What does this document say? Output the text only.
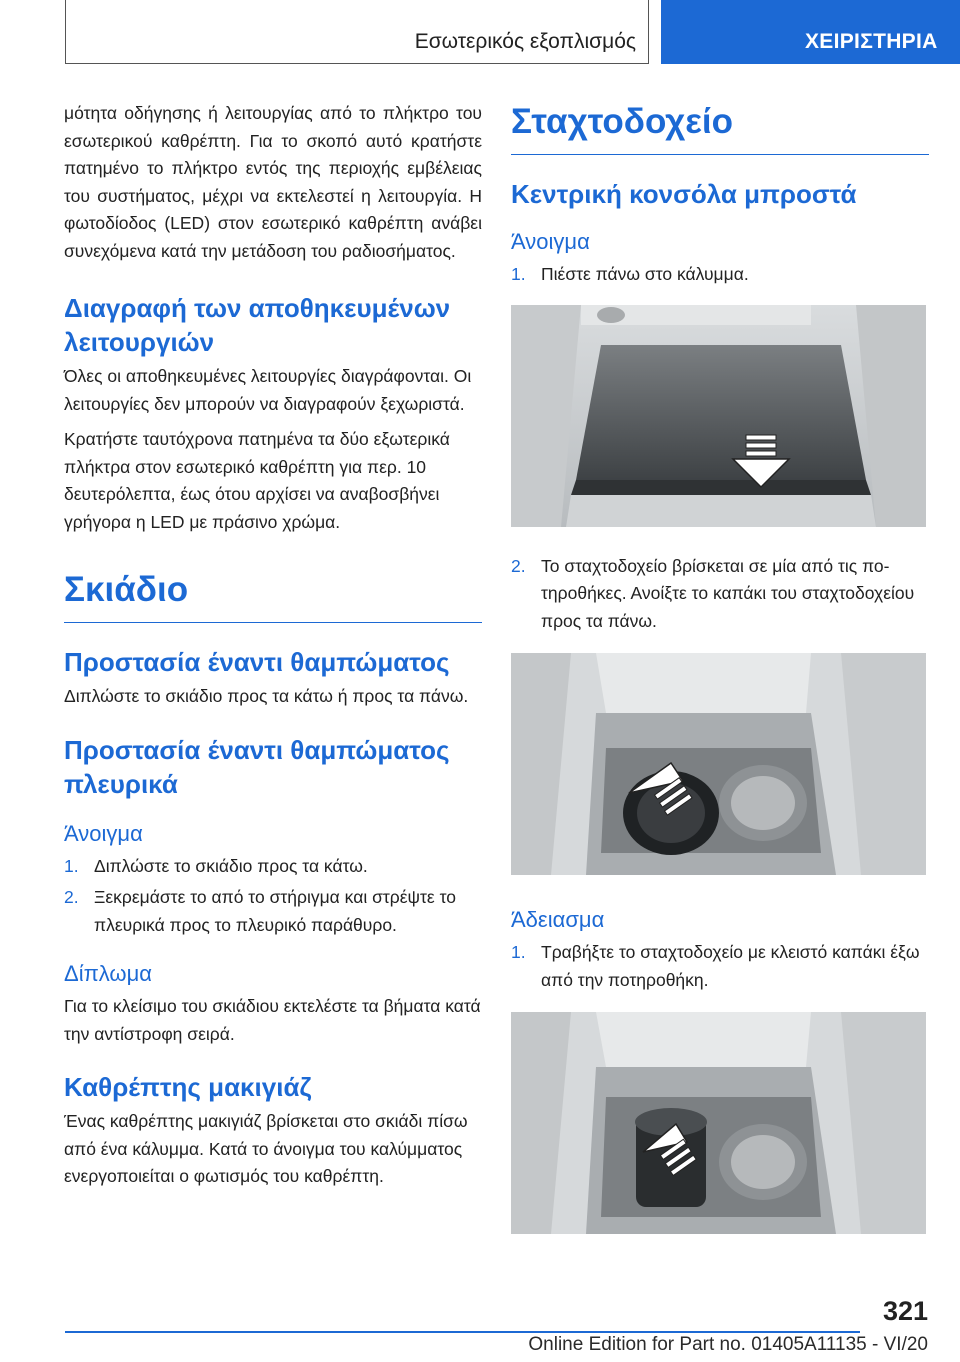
Εσωτερικός εξοπλισμός	ΧΕΙΡΙΣΤΗΡΙΑ

μότητα οδήγησης ή λειτουργίας από το πλήκτρο του εσωτερικού καθρέπτη. Για το σκοπό αυτό κρατήστε πατημένο το πλήκτρο εντός της περιοχής εμβέλειας του συστήματος, μέχρι να εκτελεστεί η λειτουργία. Η φωτοδίοδος (LED) στον εσωτερικό καθρέπτη ανάβει συνεχόμενα κατά την μετάδοση του ραδιοσήματος.

Διαγραφή των αποθηκευμένων λειτουργιών

Όλες οι αποθηκευμένες λειτουργίες διαγράφονται. Οι λειτουργίες δεν μπορούν να διαγραφούν ξεχωριστά.

Κρατήστε ταυτόχρονα πατημένα τα δύο εξωτερικά πλήκτρα στον εσωτερικό καθρέπτη για περ. 10 δευτερόλεπτα, έως ότου αρχίσει να αναβοσβήνει γρήγορα η LED με πράσινο χρώμα.

Σκιάδιο
Προστασία έναντι θαμπώματος

Διπλώστε το σκιάδιο προς τα κάτω ή προς τα πάνω.

Προστασία έναντι θαμπώματος πλευρικά
Άνοιγμα
1. Διπλώστε το σκιάδιο προς τα κάτω.
2. Ξεκρεμάστε το από το στήριγμα και στρέψτε το πλευρικά προς το πλευρικό παράθυρο.
Δίπλωμα

Για το κλείσιμο του σκιάδιου εκτελέστε τα βήματα κατά την αντίστροφη σειρά.

Καθρέπτης μακιγιάζ

Ένας καθρέπτης μακιγιάζ βρίσκεται στο σκιάδι πίσω από ένα κάλυμμα. Κατά το άνοιγμα του καλύμματος ενεργοποιείται ο φωτισμός του καθρέπτη.

Σταχτοδοχείο
Κεντρική κονσόλα μπροστά
Άνοιγμα
1. Πιέστε πάνω στο κάλυμμα.
2. Το σταχτοδοχείο βρίσκεται σε μία από τις ποτηροθήκες. Ανοίξτε το καπάκι του σταχτοδοχείου προς τα πάνω.
Άδειασμα
1. Τραβήξτε το σταχτοδοχείο με κλειστό καπάκι έξω από την ποτηροθήκη.
321
Online Edition for Part no. 01405A11135 - VI/20
